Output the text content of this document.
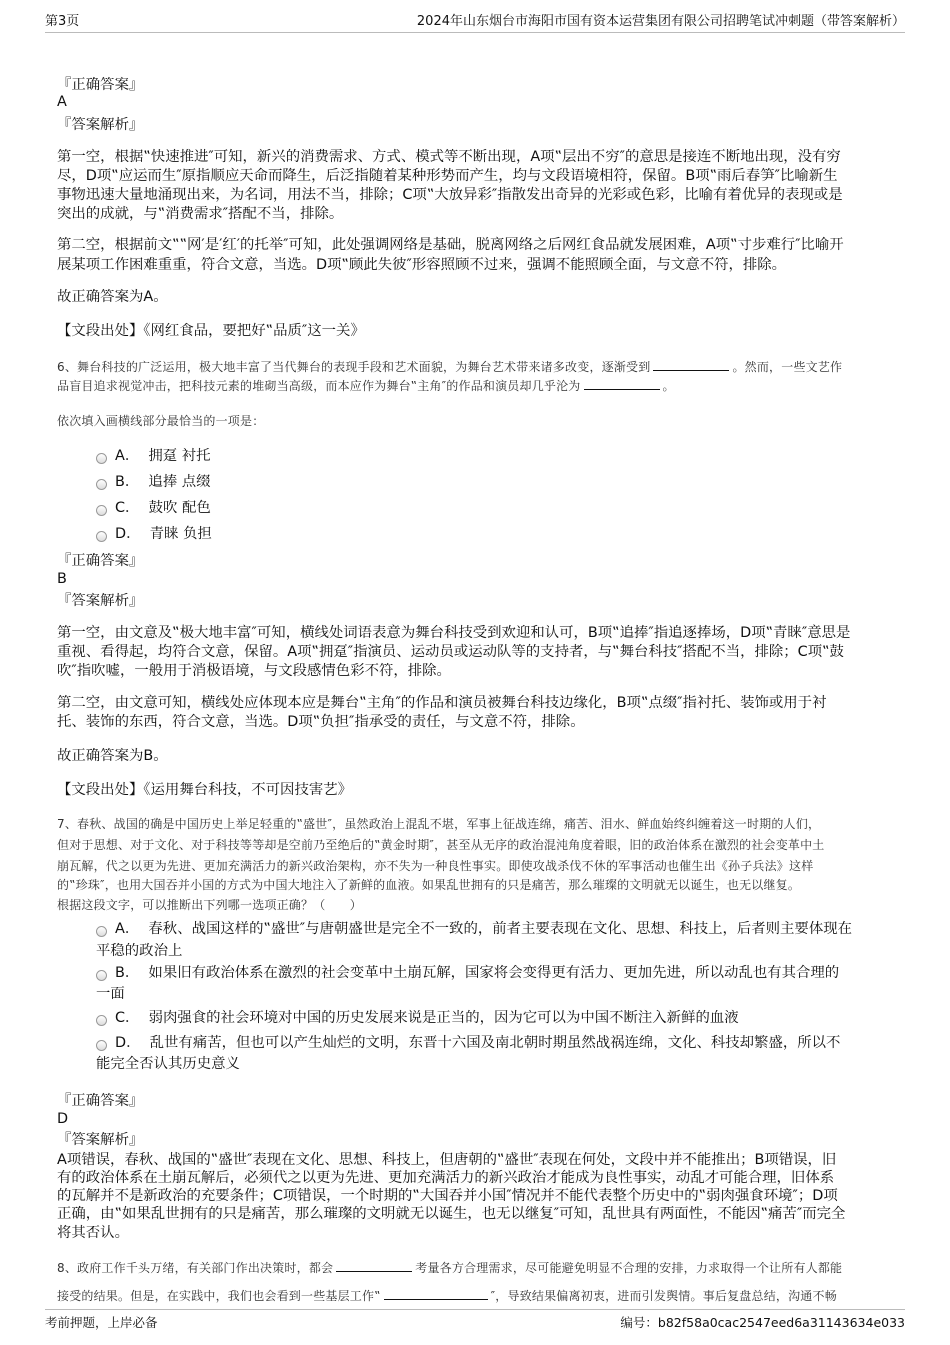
第3页	2024年山东烟台市海阳市国有资本运营集团有限公司招聘笔试冲刺题（带答案解析）
『正确答案』
A
『答案解析』
第一空，根据‟快速推进″可知，新兴的消费需求、方式、模式等不断出现，A项‟层出不穷″的意思是接连不断地出现，没有穷
尽，D项‟应运而生″原指顺应天命而降生，后泛指随着某种形势而产生，均与文段语境相符，保留。B项‟雨后春笋″比喻新生
事物迅速大量地涌现出来，为名词，用法不当，排除；C项‟大放异彩″指散发出奇异的光彩或色彩，比喻有着优异的表现或是
突出的成就，与‟消费需求″搭配不当，排除。
第二空，根据前文‟‟网′是′红′的托举″可知，此处强调网络是基础，脱离网络之后网红食品就发展困难，A项‟寸步难行″比喻开
展某项工作困难重重，符合文意，当选。D项‟顾此失彼″形容照顾不过来，强调不能照顾全面，与文意不符，排除。
故正确答案为A。
【文段出处】《网红食品，要把好‟品质″这一关》
6、舞台科技的广泛运用，极大地丰富了当代舞台的表现手段和艺术面貌，为舞台艺术带来诸多改变，逐渐受到	。然而，一些文艺作
品盲目追求视觉冲击，把科技元素的堆砌当高级，而本应作为舞台‟主角″的作品和演员却几乎沦为	。
依次填入画横线部分最恰当的一项是：
A． 拥趸 衬托
B． 追捧 点缀
C． 鼓吹 配色
D． 青睐 负担
『正确答案』
B
『答案解析』
第一空，由文意及‟极大地丰富″可知，横线处词语表意为舞台科技受到欢迎和认可，B项‟追捧″指追逐捧场，D项‟青睐″意思是
重视、看得起，均符合文意，保留。A项‟拥趸″指演员、运动员或运动队等的支持者，与‟舞台科技″搭配不当，排除；C项‟鼓
吹″指吹嘘，一般用于消极语境，与文段感情色彩不符，排除。
第二空，由文意可知，横线处应体现本应是舞台‟主角″的作品和演员被舞台科技边缘化，B项‟点缀″指衬托、装饰或用于衬
托、装饰的东西，符合文意，当选。D项‟负担″指承受的责任，与文意不符，排除。
故正确答案为B。
【文段出处】《运用舞台科技，不可因技害艺》
7、春秋、战国的确是中国历史上举足轻重的‟盛世″，虽然政治上混乱不堪，军事上征战连绵，痛苦、泪水、鲜血始终纠缠着这一时期的人们，
但对于思想、对于文化、对于科技等等却是空前乃至绝后的‟黄金时期″，甚至从无序的政治混沌角度着眼，旧的政治体系在激烈的社会变革中土
崩瓦解，代之以更为先进、更加充满活力的新兴政治架构，亦不失为一种良性事实。即使攻战杀伐不休的军事活动也催生出《孙子兵法》这样
的‟珍珠″，也用大国吞并小国的方式为中国大地注入了新鲜的血液。如果乱世拥有的只是痛苦，那么璀璨的文明就无以诞生，也无以继复。
根据这段文字，可以推断出下列哪一选项正确？（　　）
A． 春秋、战国这样的‟盛世″与唐朝盛世是完全不一致的，前者主要表现在文化、思想、科技上，后者则主要体现在
平稳的政治上
B． 如果旧有政治体系在激烈的社会变革中土崩瓦解，国家将会变得更有活力、更加先进，所以动乱也有其合理的
一面
C． 弱肉强食的社会环境对中国的历史发展来说是正当的，因为它可以为中国不断注入新鲜的血液
D． 乱世有痛苦，但也可以产生灿烂的文明，东晋十六国及南北朝时期虽然战祸连绵，文化、科技却繁盛，所以不
能完全否认其历史意义
『正确答案』
D
『答案解析』
A项错误，春秋、战国的‟盛世″表现在文化、思想、科技上，但唐朝的‟盛世″表现在何处，文段中并不能推出；B项错误，旧
有的政治体系在土崩瓦解后，必须代之以更为先进、更加充满活力的新兴政治才能成为良性事实，动乱才可能合理，旧体系
的瓦解并不是新政治的充要条件；C项错误，一个时期的‟大国吞并小国″情况并不能代表整个历史中的‟弱肉强食环境″；D项
正确，由‟如果乱世拥有的只是痛苦，那么璀璨的文明就无以诞生，也无以继复″可知，乱世具有两面性，不能因‟痛苦″而完全
将其否认。
8、政府工作千头万绪，有关部门作出决策时，都会	考量各方合理需求，尽可能避免明显不合理的安排，力求取得一个让所有人都能
接受的结果。但是，在实践中，我们也会看到一些基层工作‟	″，导致结果偏离初衷，进而引发舆情。事后复盘总结，沟通不畅
考前押题，上岸必备	编号：b82f58a0cac2547eed6a31143634e033
